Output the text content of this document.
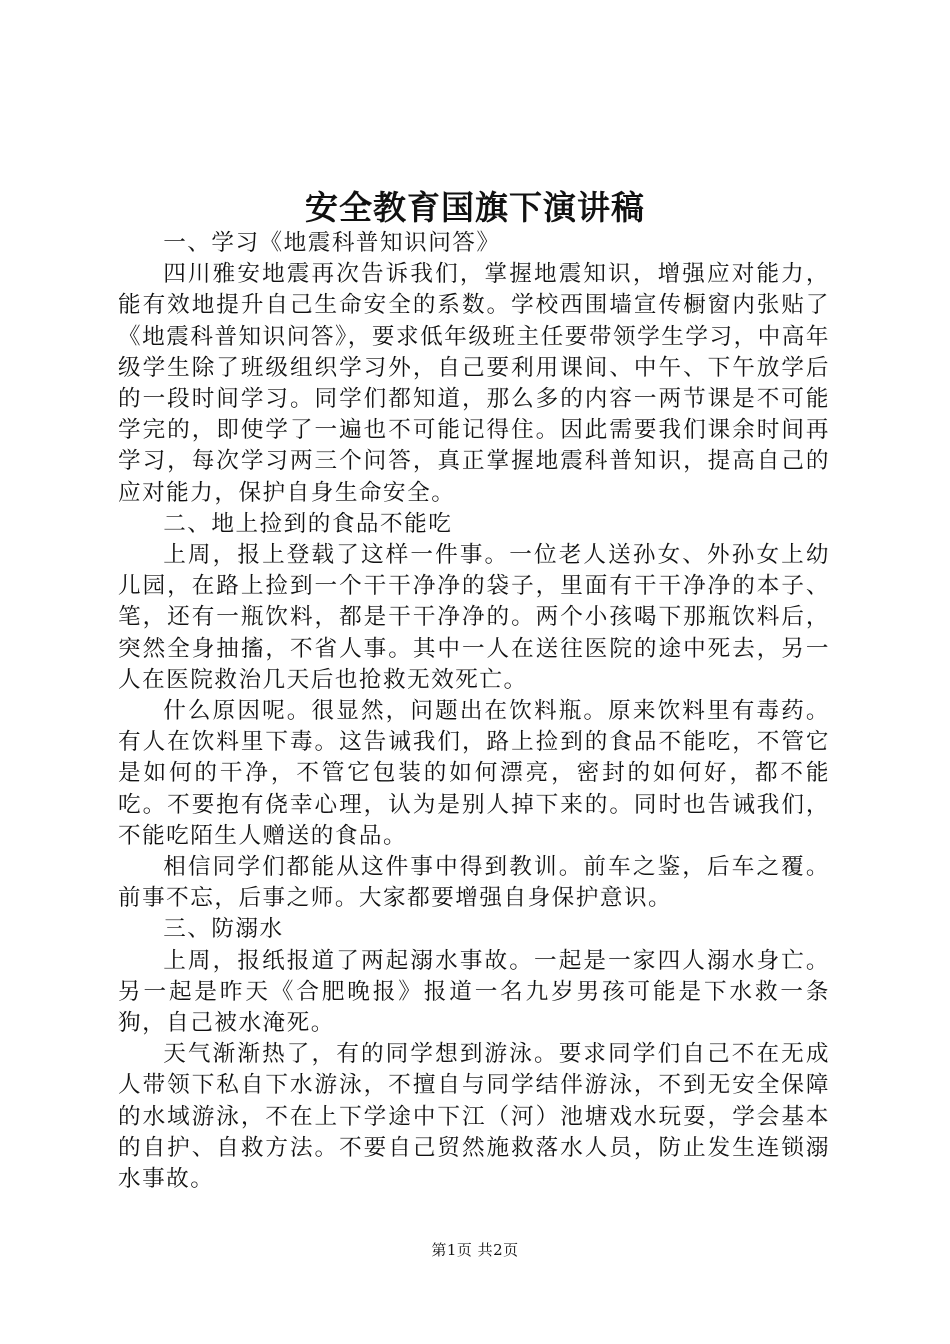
安全教育国旗下演讲稿

一、学习《地震科普知识问答》

四川雅安地震再次告诉我们，掌握地震知识，增强应对能力，能有效地提升自己生命安全的系数。学校西围墙宣传橱窗内张贴了《地震科普知识问答》，要求低年级班主任要带领学生学习，中高年级学生除了班级组织学习外，自己要利用课间、中午、下午放学后的一段时间学习。同学们都知道，那么多的内容一两节课是不可能学完的，即使学了一遍也不可能记得住。因此需要我们课余时间再学习，每次学习两三个问答，真正掌握地震科普知识，提高自己的应对能力，保护自身生命安全。

二、地上捡到的食品不能吃

上周，报上登载了这样一件事。一位老人送孙女、外孙女上幼儿园，在路上捡到一个干干净净的袋子，里面有干干净净的本子、笔，还有一瓶饮料，都是干干净净的。两个小孩喝下那瓶饮料后，突然全身抽搐，不省人事。其中一人在送往医院的途中死去，另一人在医院救治几天后也抢救无效死亡。

什么原因呢。很显然，问题出在饮料瓶。原来饮料里有毒药。有人在饮料里下毒。这告诫我们，路上捡到的食品不能吃，不管它是如何的干净，不管它包装的如何漂亮，密封的如何好，都不能吃。不要抱有侥幸心理，认为是别人掉下来的。同时也告诫我们，不能吃陌生人赠送的食品。

相信同学们都能从这件事中得到教训。前车之鉴，后车之覆。前事不忘，后事之师。大家都要增强自身保护意识。

三、防溺水

上周，报纸报道了两起溺水事故。一起是一家四人溺水身亡。另一起是昨天《合肥晚报》报道一名九岁男孩可能是下水救一条狗，自己被水淹死。

天气渐渐热了，有的同学想到游泳。要求同学们自己不在无成人带领下私自下水游泳，不擅自与同学结伴游泳，不到无安全保障的水域游泳，不在上下学途中下江（河）池塘戏水玩耍，学会基本的自护、自救方法。不要自己贸然施救落水人员，防止发生连锁溺水事故。

第1页 共2页
